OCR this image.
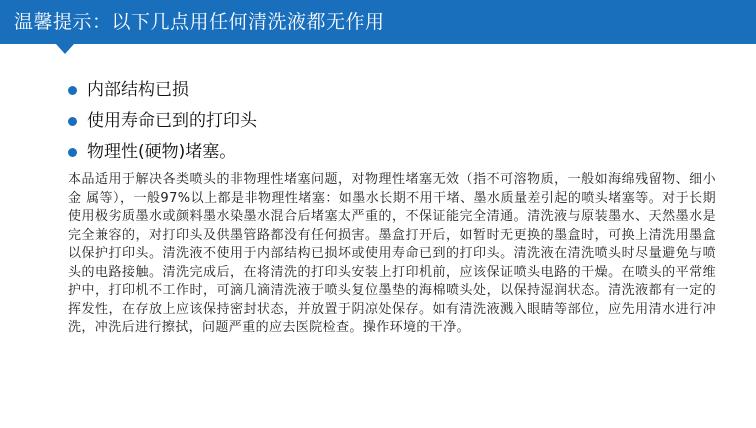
温馨提示：以下几点用任何清洗液都无作用
内部结构已损
使用寿命已到的打印头
物理性(硬物)堵塞。

本品适用于解决各类喷头的非物理性堵塞问题，对物理性堵塞无效（指不可溶物质，一般如海绵残留物、细小金 属等），一般97%以上都是非物理性堵塞：如墨水长期不用干堵、墨水质量差引起的喷头堵塞等。对于长期使用极劣质墨水或颜料墨水染墨水混合后堵塞太严重的，不保证能完全清通。清洗液与原装墨水、天然墨水是完全兼容的，对打印头及供墨管路都没有任何损害。墨盒打开后，如暂时无更换的墨盒时，可换上清洗用墨盒以保护打印头。清洗液不使用于内部结构已损坏或使用寿命已到的打印头。清洗液在清洗喷头时尽量避免与喷头的电路接触。清洗完成后，在将清洗的打印头安装上打印机前，应该保证喷头电路的干燥。在喷头的平常维护中，打印机不工作时，可滴几滴清洗液于喷头复位墨垫的海棉喷头处，以保持湿润状态。清洗液都有一定的挥发性，在存放上应该保持密封状态，并放置于阴凉处保存。如有清洗液溅入眼睛等部位，应先用清水进行冲洗，冲洗后进行擦拭，问题严重的应去医院检查。操作环境的干净。
